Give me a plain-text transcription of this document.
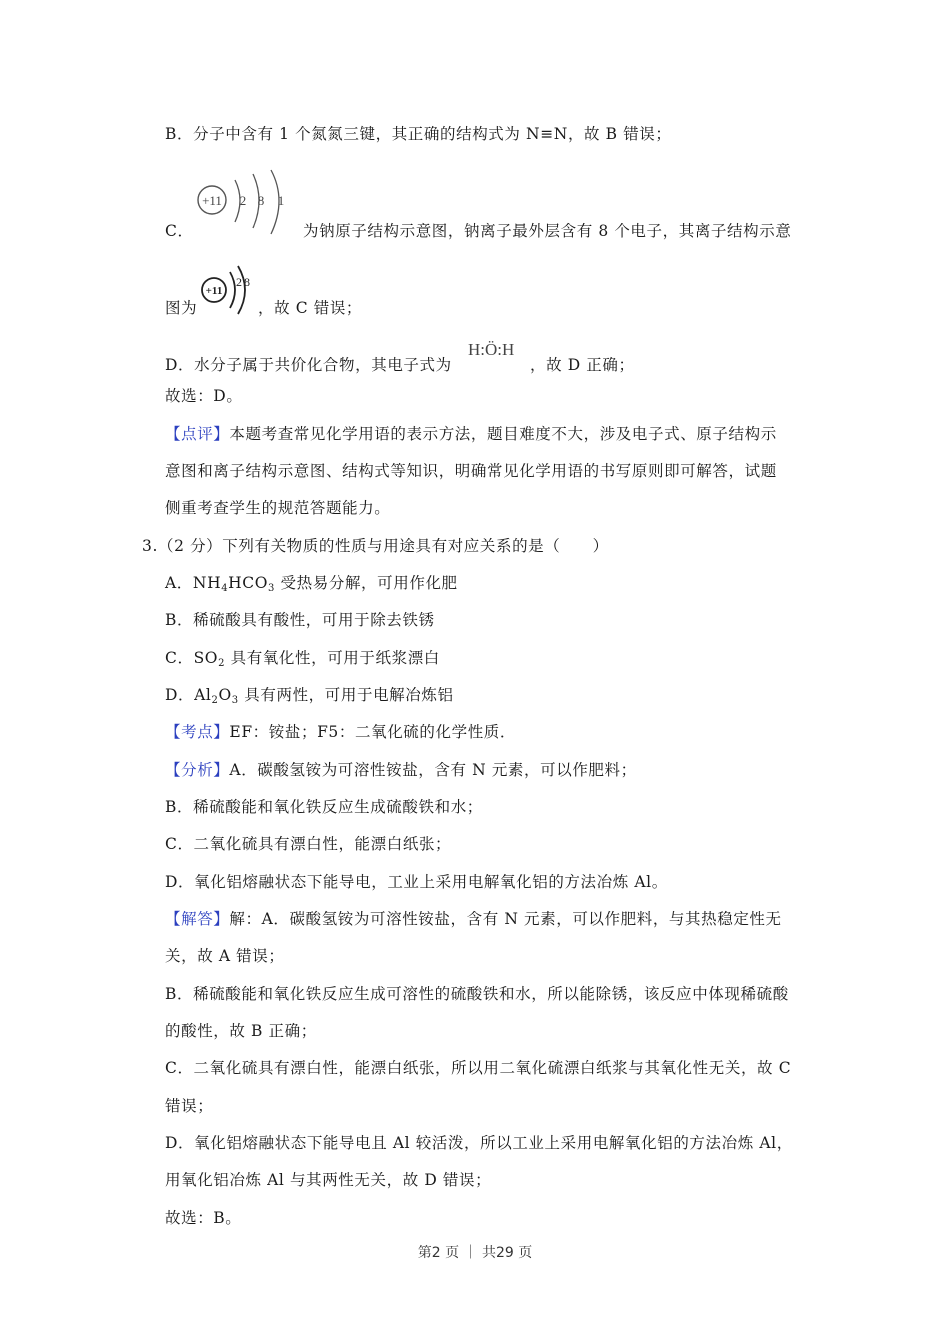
B．分子中含有 1 个氮氮三键，其正确的结构式为 N≡N，故 B 错误；
C．
+11 2 8 1
为钠原子结构示意图，钠离子最外层含有 8 个电子，其离子结构示意
图为
+11
2 8
，故 C 错误；
D．水分子属于共价化合物，其电子式为
H:Ö:H
，故 D 正确；
故选：D。
【点评】本题考查常见化学用语的表示方法，题目难度不大，涉及电子式、原子结构示
意图和离子结构示意图、结构式等知识，明确常见化学用语的书写原则即可解答，试题
侧重考查学生的规范答题能力。
3.（2 分）下列有关物质的性质与用途具有对应关系的是（　　）
A．$NH_4HCO_3$ 受热易分解，可用作化肥
B．稀硫酸具有酸性，可用于除去铁锈
C．$SO_2$ 具有氧化性，可用于纸浆漂白
D．$Al_2O_3$ 具有两性，可用于电解冶炼铝
【考点】EF：铵盐；F5：二氧化硫的化学性质．
【分析】A．碳酸氢铵为可溶性铵盐，含有 N 元素，可以作肥料；
B．稀硫酸能和氧化铁反应生成硫酸铁和水；
C．二氧化硫具有漂白性，能漂白纸张；
D．氧化铝熔融状态下能导电，工业上采用电解氧化铝的方法冶炼 Al。
【解答】解：A．碳酸氢铵为可溶性铵盐，含有 N 元素，可以作肥料，与其热稳定性无
关，故 A 错误；
B．稀硫酸能和氧化铁反应生成可溶性的硫酸铁和水，所以能除锈，该反应中体现稀硫酸
的酸性，故 B 正确；
C．二氧化硫具有漂白性，能漂白纸张，所以用二氧化硫漂白纸浆与其氧化性无关，故 C
错误；
D．氧化铝熔融状态下能导电且 Al 较活泼，所以工业上采用电解氧化铝的方法冶炼 Al，
用氧化铝冶炼 Al 与其两性无关，故 D 错误；
故选：B。
第2 页 ｜ 共29 页
